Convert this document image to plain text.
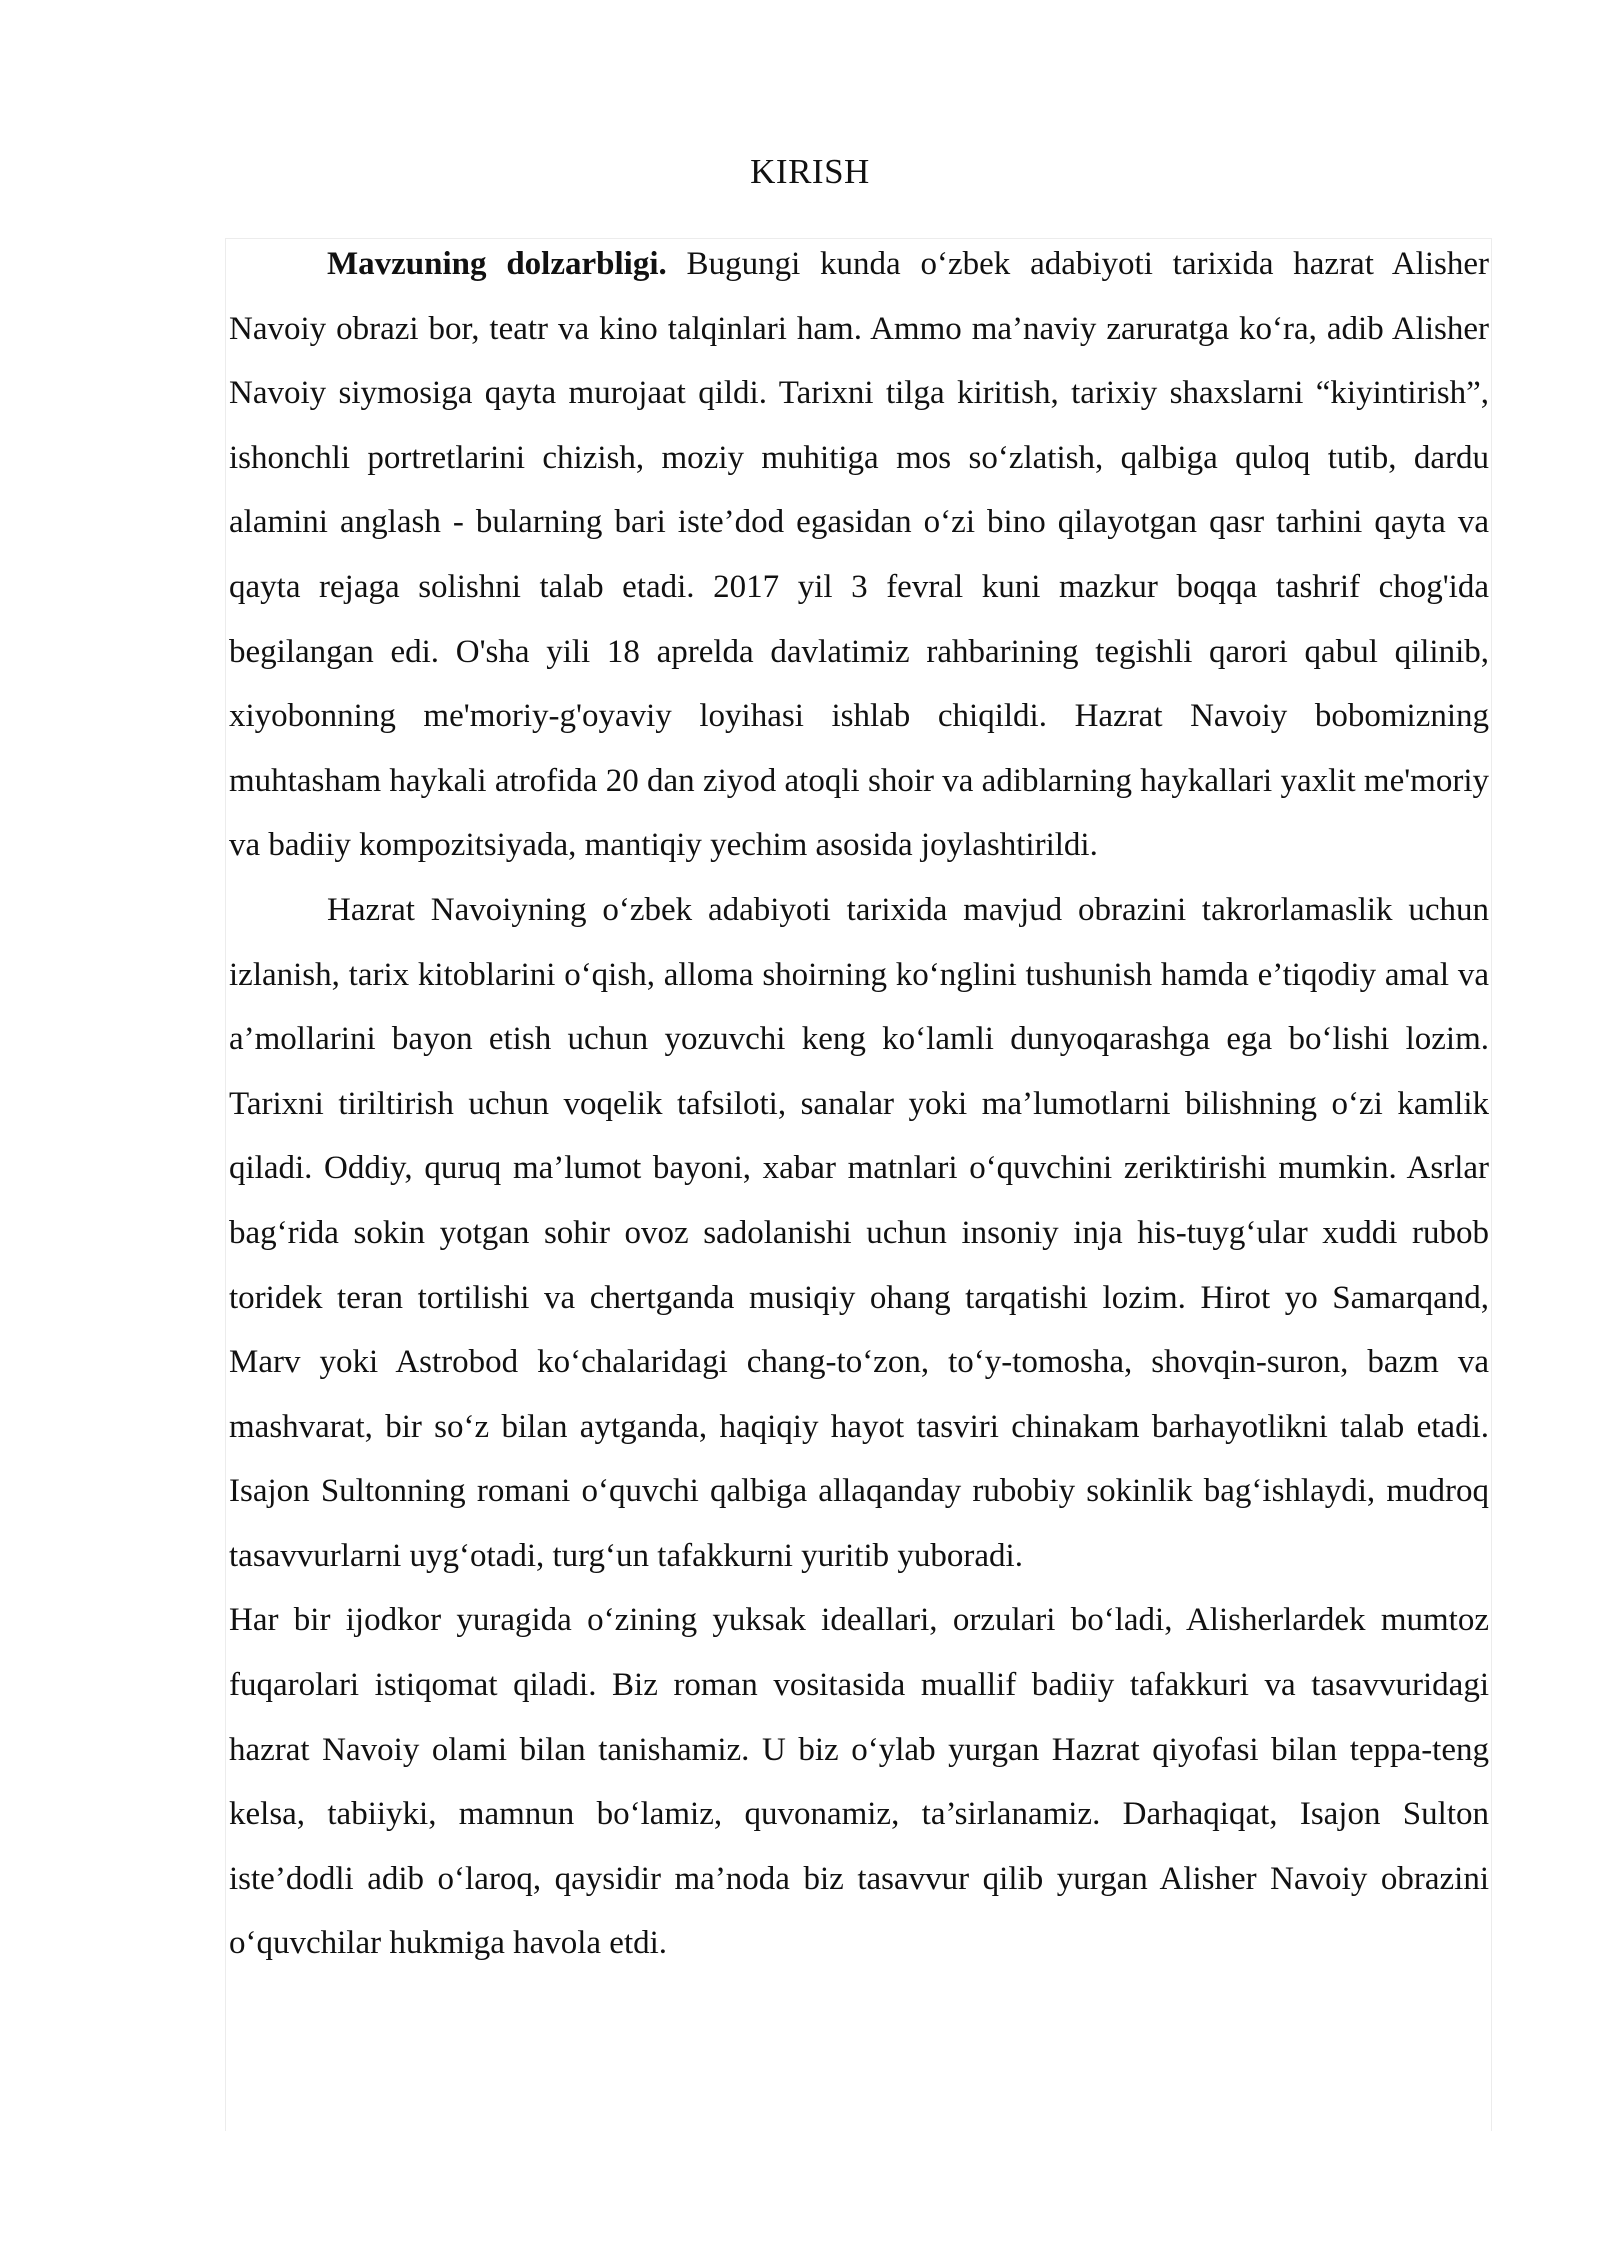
KIRISH

Mavzuning dolzarbligi. Bugungi kunda o‘zbek adabiyoti tarixida hazrat Alisher Navoiy obrazi bor, teatr va kino talqinlari ham. Ammo ma’naviy zaruratga ko‘ra, adib Alisher Navoiy siymosiga qayta murojaat qildi. Tarixni tilga kiritish, tarixiy shaxslarni “kiyintirish”, ishonchli portretlarini chizish, moziy muhitiga mos so‘zlatish, qalbiga quloq tutib, dardu alamini anglash - bularning bari iste’dod egasidan o‘zi bino qilayotgan qasr tarhini qayta va qayta rejaga solishni talab etadi. 2017 yil 3 fevral kuni mazkur boqqa tashrif chog'ida begilangan edi. O'sha yili 18 aprelda davlatimiz rahbarining tegishli qarori qabul qilinib, xiyobonning me'moriy-g'oyaviy loyihasi ishlab chiqildi. Hazrat Navoiy bobomizning muhtasham haykali atrofida 20 dan ziyod atoqli shoir va adiblarning haykallari yaxlit me'moriy va badiiy kompozitsiyada, mantiqiy yechim asosida joylashtirildi.

Hazrat Navoiyning o‘zbek adabiyoti tarixida mavjud obrazini takrorlamaslik uchun izlanish, tarix kitoblarini o‘qish, alloma shoirning ko‘nglini tushunish hamda e’tiqodiy amal va a’mollarini bayon etish uchun yozuvchi keng ko‘lamli dunyoqarashga ega bo‘lishi lozim. Tarixni tiriltirish uchun voqelik tafsiloti, sanalar yoki ma’lumotlarni bilishning o‘zi kamlik qiladi. Oddiy, quruq ma’lumot bayoni, xabar matnlari o‘quvchini zeriktirishi mumkin. Asrlar bag‘rida sokin yotgan sohir ovoz sadolanishi uchun insoniy inja his-tuyg‘ular xuddi rubob toridek teran tortilishi va chertganda musiqiy ohang tarqatishi lozim. Hirot yo Samarqand, Marv yoki Astrobod ko‘chalaridagi chang-to‘zon, to‘y-tomosha, shovqin-suron, bazm va mashvarat, bir so‘z bilan aytganda, haqiqiy hayot tasviri chinakam barhayotlikni talab etadi. Isajon Sultonning romani o‘quvchi qalbiga allaqanday rubobiy sokinlik bag‘ishlaydi, mudroq tasavvurlarni uyg‘otadi, turg‘un tafakkurni yuritib yuboradi.

Har bir ijodkor yuragida o‘zining yuksak ideallari, orzulari bo‘ladi, Alisherlardek mumtoz fuqarolari istiqomat qiladi. Biz roman vositasida muallif badiiy tafakkuri va tasavvuridagi hazrat Navoiy olami bilan tanishamiz. U biz o‘ylab yurgan Hazrat qiyofasi bilan teppa-teng kelsa, tabiiyki, mamnun bo‘lamiz, quvonamiz, ta’sirlanamiz. Darhaqiqat, Isajon Sulton iste’dodli adib o‘laroq, qaysidir ma’noda biz tasavvur qilib yurgan Alisher Navoiy obrazini o‘quvchilar hukmiga havola etdi.
